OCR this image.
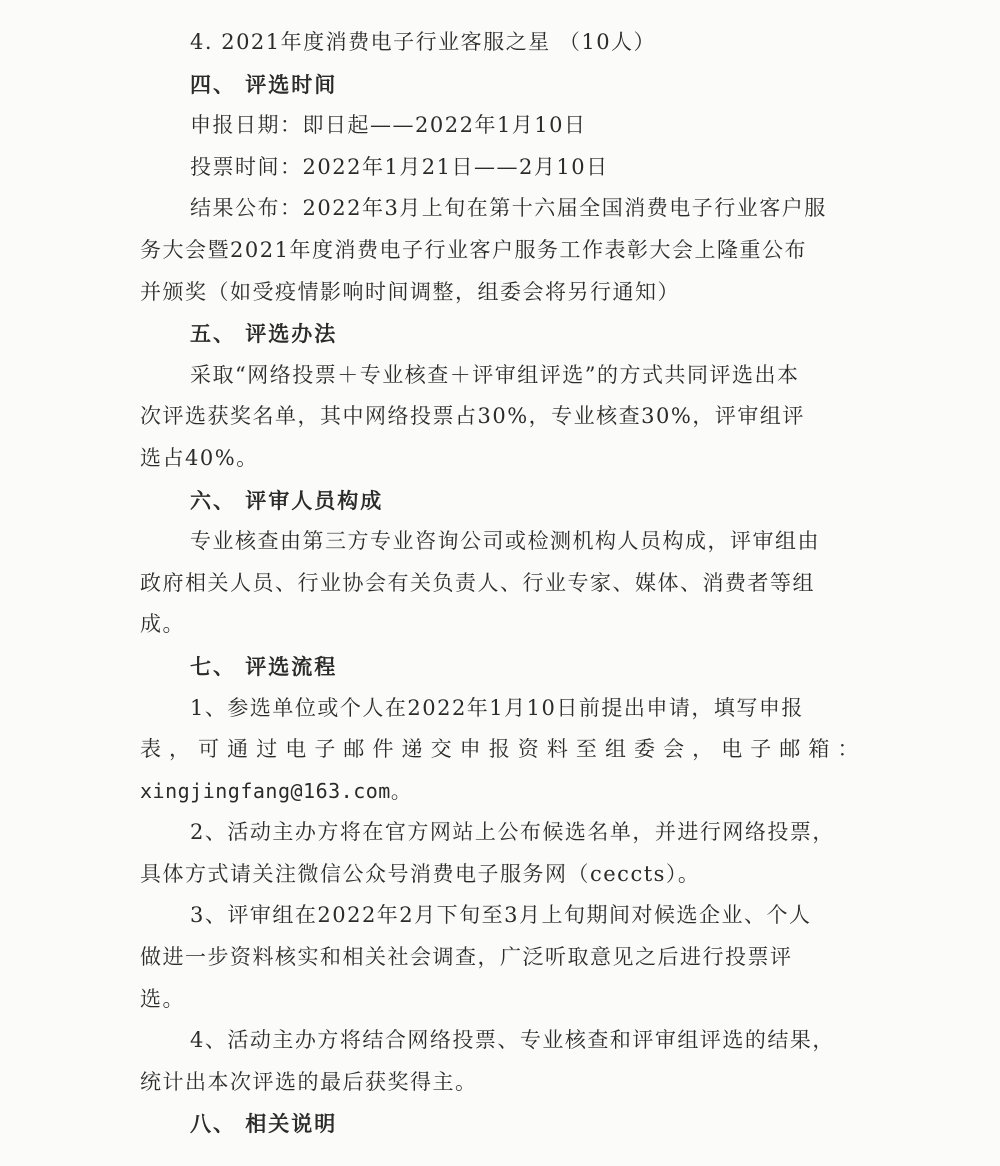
4. 2021年度消费电子行业客服之星 （10人）
四、 评选时间
申报日期：即日起——2022年1月10日
投票时间：2022年1月21日——2月10日
结果公布：2022年3月上旬在第十六届全国消费电子行业客户服
务大会暨2021年度消费电子行业客户服务工作表彰大会上隆重公布
并颁奖（如受疫情影响时间调整，组委会将另行通知）
五、 评选办法
采取“网络投票＋专业核查＋评审组评选”的方式共同评选出本
次评选获奖名单，其中网络投票占30%，专业核查30%，评审组评
选占40%。
六、 评审人员构成
专业核查由第三方专业咨询公司或检测机构人员构成，评审组由
政府相关人员、行业协会有关负责人、行业专家、媒体、消费者等组
成。
七、 评选流程
1、参选单位或个人在2022年1月10日前提出申请，填写申报
表，可通过电子邮件递交申报资料至组委会，电子邮箱：
xingjingfang@163.com。
2、活动主办方将在官方网站上公布候选名单，并进行网络投票，
具体方式请关注微信公众号消费电子服务网（ceccts）。
3、评审组在2022年2月下旬至3月上旬期间对候选企业、个人
做进一步资料核实和相关社会调查，广泛听取意见之后进行投票评
选。
4、活动主办方将结合网络投票、专业核查和评审组评选的结果，
统计出本次评选的最后获奖得主。
八、 相关说明
